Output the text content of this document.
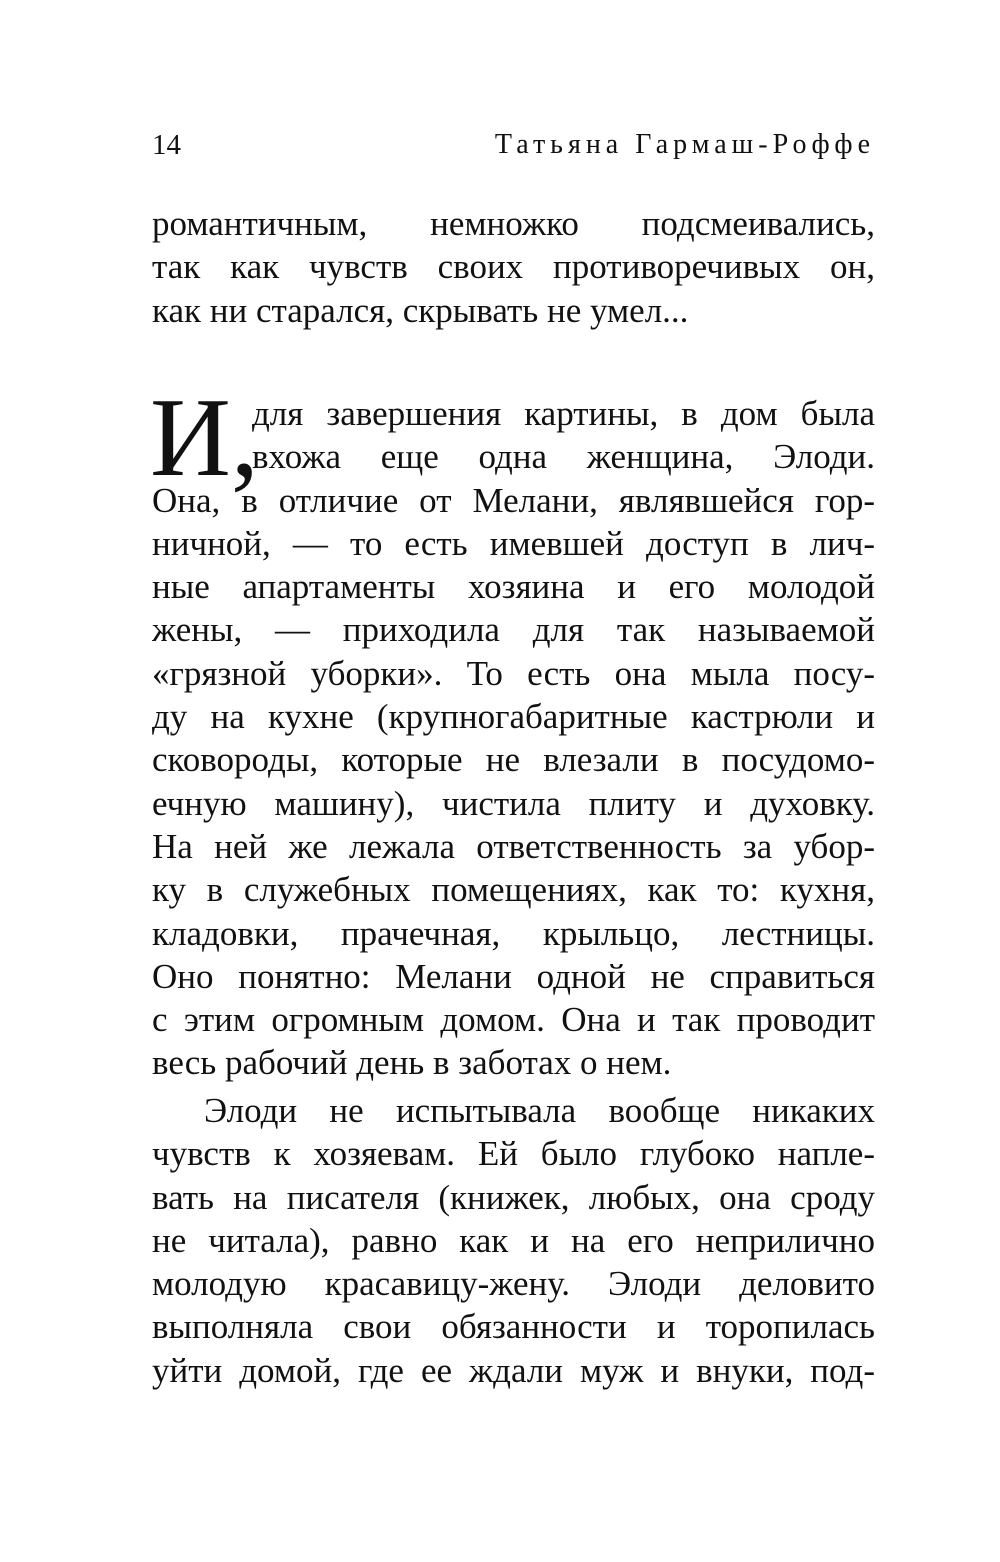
14	Татьяна Гармаш-Роффе
романтичным, немножко подсмеивались,
так как чувств своих противоречивых он,
как ни старался, скрывать не умел...
И,
для завершения картины, в дом была
вхожа еще одна женщина, Элоди.
Она, в отличие от Мелани, являвшейся гор-
ничной, — то есть имевшей доступ в лич-
ные апартаменты хозяина и его молодой
жены, — приходила для так называемой
«грязной уборки». То есть она мыла посу-
ду на кухне (крупногабаритные кастрюли и
сковороды, которые не влезали в посудомо-
ечную машину), чистила плиту и духовку.
На ней же лежала ответственность за убор-
ку в служебных помещениях, как то: кухня,
кладовки, прачечная, крыльцо, лестницы.
Оно понятно: Мелани одной не справиться
с этим огромным домом. Она и так проводит
весь рабочий день в заботах о нем.
Элоди не испытывала вообще никаких
чувств к хозяевам. Ей было глубоко напле-
вать на писателя (книжек, любых, она сроду
не читала), равно как и на его неприлично
молодую красавицу-жену. Элоди деловито
выполняла свои обязанности и торопилась
уйти домой, где ее ждали муж и внуки, под-
